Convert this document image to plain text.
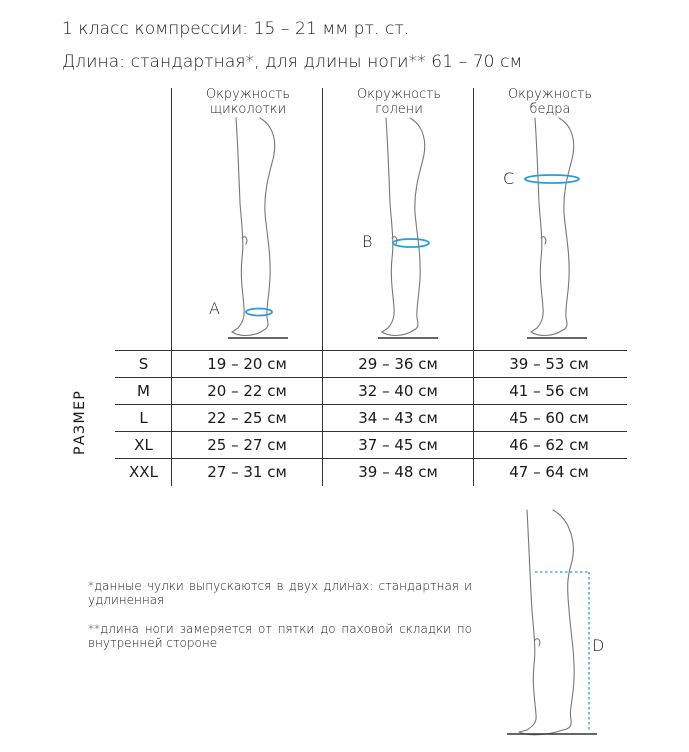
1 класс компрессии: 15 – 21 мм рт. ст.
Длина: стандартная*, для длины ноги** 61 – 70 см
Окружность
щиколотки
Окружность
голени
Окружность
бедра
A
B
C
РАЗМЕР
S	19 – 20 см	29 – 36 см	39 – 53 см
M	20 – 22 см	32 – 40 см	41 – 56 см
L	22 – 25 см	34 – 43 см	45 – 60 см
XL	25 – 27 см	37 – 45 см	46 – 62 см
XXL	27 – 31 см	39 – 48 см	47 – 64 см
*данные чулки выпускаются в двух длинах: стандартная и удлиненная
**длина ноги замеряется от пятки до паховой складки по внутренней стороне	D
